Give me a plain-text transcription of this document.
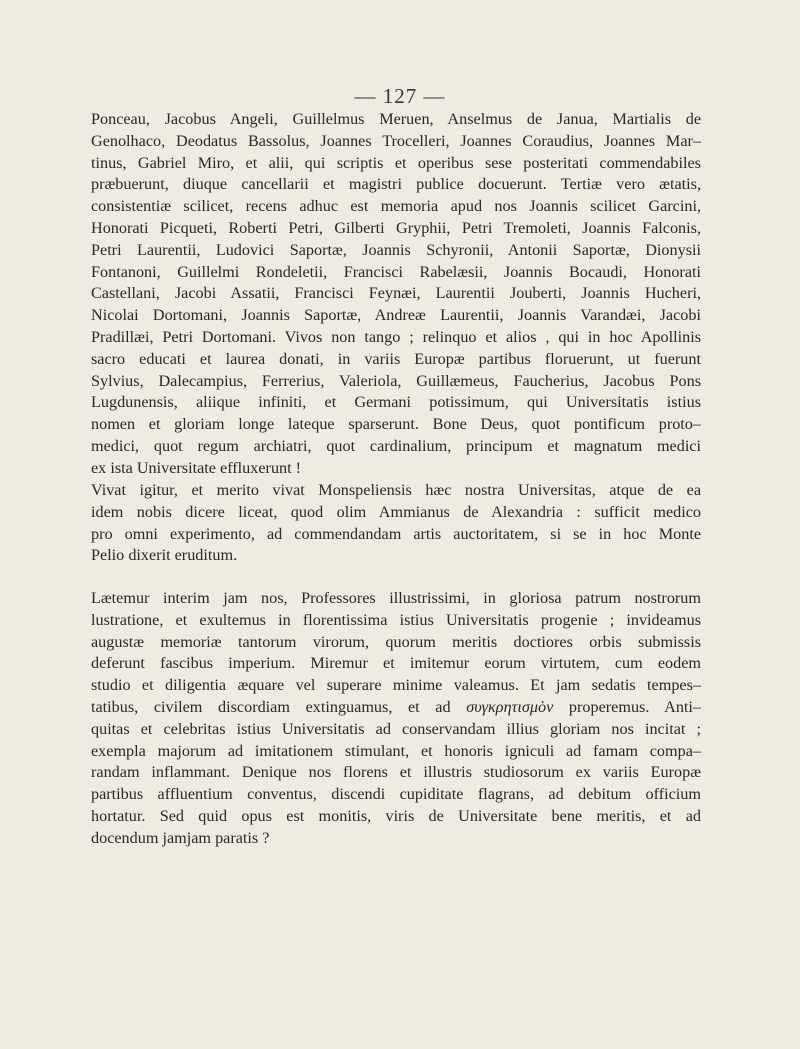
— 127 —
Ponceau, Jacobus Angeli, Guillelmus Meruen, Anselmus de Janua, Martialis de
Genolhaco, Deodatus Bassolus, Joannes Trocelleri, Joannes Coraudius, Joannes Mar–
tinus, Gabriel Miro, et alii, qui scriptis et operibus sese posteritati commendabiles
præbuerunt, diuque cancellarii et magistri publice docuerunt. Tertiæ vero ætatis,
consistentiæ scilicet, recens adhuc est memoria apud nos Joannis scilicet Garcini,
Honorati Picqueti, Roberti Petri, Gilberti Gryphii, Petri Tremoleti, Joannis Falconis,
Petri Laurentii, Ludovici Saportæ, Joannis Schyronii, Antonii Saportæ, Dionysii
Fontanoni, Guillelmi Rondeletii, Francisci Rabelæsii, Joannis Bocaudi, Honorati
Castellani, Jacobi Assatii, Francisci Feynæi, Laurentii Jouberti, Joannis Hucheri,
Nicolai Dortomani, Joannis Saportæ, Andreæ Laurentii, Joannis Varandæi, Jacobi
Pradillæi, Petri Dortomani. Vivos non tango ; relinquo et alios , qui in hoc Apollinis
sacro educati et laurea donati, in variis Europæ partibus floruerunt, ut fuerunt
Sylvius, Dalecampius, Ferrerius, Valeriola, Guillæmeus, Faucherius, Jacobus Pons
Lugdunensis, aliique infiniti, et Germani potissimum, qui Universitatis istius
nomen et gloriam longe lateque sparserunt. Bone Deus, quot pontificum proto–
medici, quot regum archiatri, quot cardinalium, principum et magnatum medici
ex ista Universitate effluxerunt !
Vivat igitur, et merito vivat Monspeliensis hæc nostra Universitas, atque de ea
idem nobis dicere liceat, quod olim Ammianus de Alexandria : sufficit medico
pro omni experimento, ad commendandam artis auctoritatem, si se in hoc Monte
Pelio dixerit eruditum.
Lætemur interim jam nos, Professores illustrissimi, in gloriosa patrum nostrorum
lustratione, et exultemus in florentissima istius Universitatis progenie ; invideamus
augustæ memoriæ tantorum virorum, quorum meritis doctiores orbis submissis
deferunt fascibus imperium. Miremur et imitemur eorum virtutem, cum eodem
studio et diligentia æquare vel superare minime valeamus. Et jam sedatis tempes–
tatibus, civilem discordiam extinguamus, et ad συγκρητισμὸν properemus. Anti–
quitas et celebritas istius Universitatis ad conservandam illius gloriam nos incitat ;
exempla majorum ad imitationem stimulant, et honoris igniculi ad famam compa–
randam inflammant. Denique nos florens et illustris studiosorum ex variis Europæ
partibus affluentium conventus, discendi cupiditate flagrans, ad debitum officium
hortatur. Sed quid opus est monitis, viris de Universitate bene meritis, et ad
docendum jamjam paratis ?
